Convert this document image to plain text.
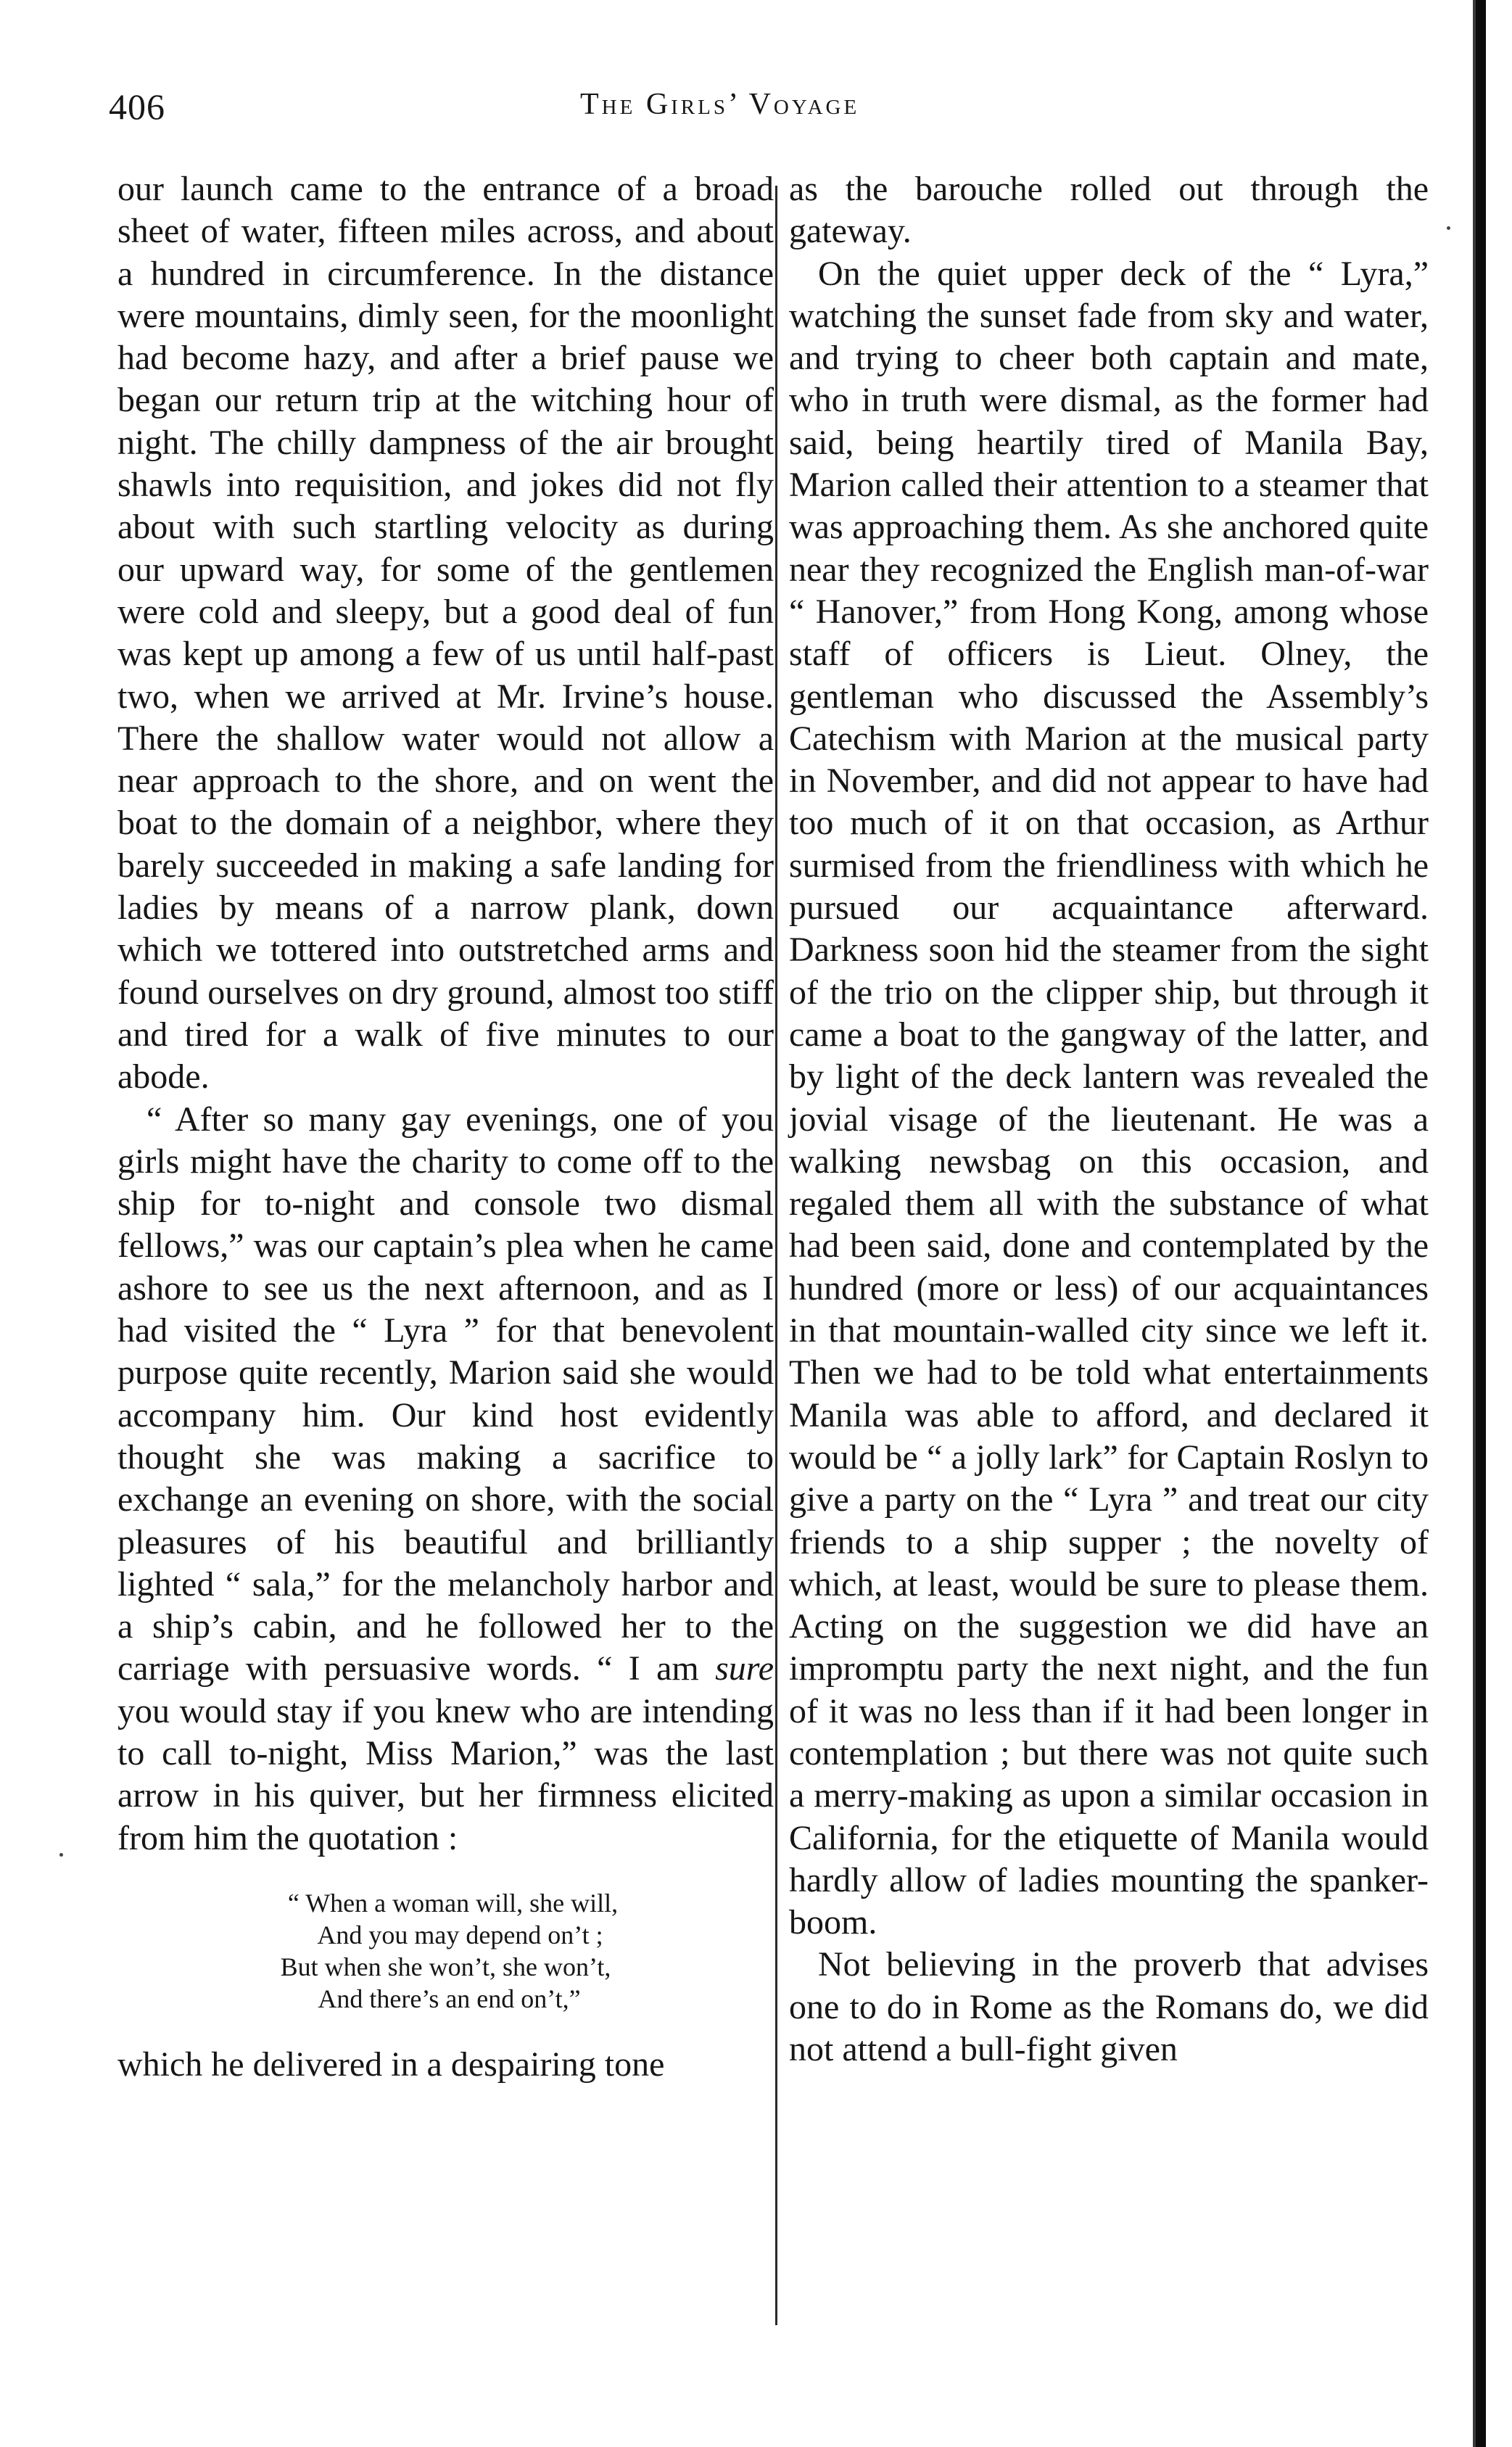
406	The Girls’ Voyage

our launch came to the entrance of a broad sheet of water, fifteen miles across, and about a hundred in circumference. In the distance were mountains, dimly seen, for the moonlight had become hazy, and after a brief pause we began our return trip at the witching hour of night. The chilly dampness of the air brought shawls into requisition, and jokes did not fly about with such startling velocity as during our upward way, for some of the gentlemen were cold and sleepy, but a good deal of fun was kept up among a few of us until half-past two, when we arrived at Mr. Irvine’s house. There the shallow water would not allow a near approach to the shore, and on went the boat to the domain of a neighbor, where they barely succeeded in making a safe landing for ladies by means of a narrow plank, down which we tottered into outstretched arms and found ourselves on dry ground, almost too stiff and tired for a walk of five minutes to our abode.

“ After so many gay evenings, one of you girls might have the charity to come off to the ship for to-night and console two dismal fellows,” was our captain’s plea when he came ashore to see us the next afternoon, and as I had visited the “ Lyra ” for that benevolent purpose quite recently, Marion said she would accompany him. Our kind host evidently thought she was making a sacrifice to exchange an evening on shore, with the social pleasures of his beautiful and brilliantly lighted “ sala,” for the melancholy harbor and a ship’s cabin, and he followed her to the carriage with persuasive words. “ I am sure you would stay if you knew who are intending to call to-night, Miss Marion,” was the last arrow in his quiver, but her firmness elicited from him the quotation :

“ When a woman will, she will,
And you may depend on’t ;
But when she won’t, she won’t,
And there’s an end on’t,”

which he delivered in a despairing tone

as the barouche rolled out through the gateway.

On the quiet upper deck of the “ Lyra,” watching the sunset fade from sky and water, and trying to cheer both captain and mate, who in truth were dismal, as the former had said, being heartily tired of Manila Bay, Marion called their attention to a steamer that was approaching them. As she anchored quite near they recognized the English man-of-war “ Hanover,” from Hong Kong, among whose staff of officers is Lieut. Olney, the gentleman who discussed the Assembly’s Catechism with Marion at the musical party in November, and did not appear to have had too much of it on that occasion, as Arthur surmised from the friendliness with which he pursued our acquaintance afterward. Darkness soon hid the steamer from the sight of the trio on the clipper ship, but through it came a boat to the gangway of the latter, and by light of the deck lantern was revealed the jovial visage of the lieutenant. He was a walking newsbag on this occasion, and regaled them all with the substance of what had been said, done and contemplated by the hundred (more or less) of our acquaintances in that mountain-walled city since we left it. Then we had to be told what entertainments Manila was able to afford, and declared it would be “ a jolly lark” for Captain Roslyn to give a party on the “ Lyra ” and treat our city friends to a ship supper ; the novelty of which, at least, would be sure to please them. Acting on the suggestion we did have an impromptu party the next night, and the fun of it was no less than if it had been longer in contemplation ; but there was not quite such a merry-making as upon a similar occasion in California, for the etiquette of Manila would hardly allow of ladies mounting the spanker-boom.

Not believing in the proverb that advises one to do in Rome as the Romans do, we did not attend a bull-fight given
